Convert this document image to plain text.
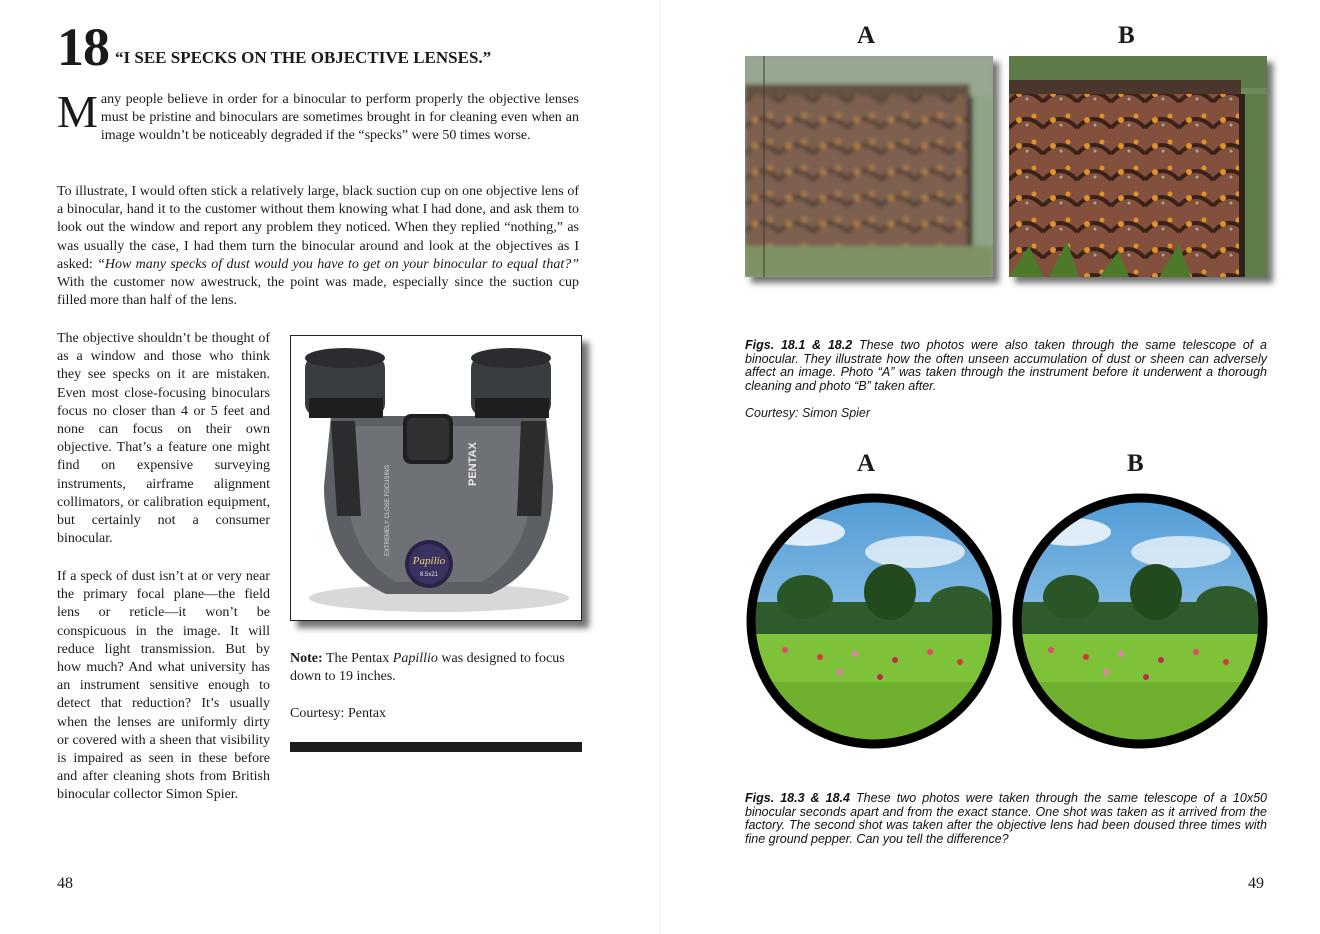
18 “I SEE SPECKS ON THE OBJECTIVE LENSES.”

Many people believe in order for a binocular to perform properly the objective lenses must be pristine and binoculars are sometimes brought in for cleaning even when an image wouldn’t be noticeably degraded if the “specks” were 50 times worse.

To illustrate, I would often stick a relatively large, black suction cup on one objective lens of a binocular, hand it to the customer without them knowing what I had done, and ask them to look out the window and report any problem they noticed. When they replied “nothing,” as was usually the case, I had them turn the binocular around and look at the objectives as I asked: “How many specks of dust would you have to get on your binocular to equal that?” With the customer now awestruck, the point was made, especially since the suction cup filled more than half of the lens.

The objective shouldn’t be thought of as a window and those who think they see specks on it are mistaken. Even most close-focusing binoculars focus no closer than 4 or 5 feet and none can focus on their own objective. That’s a feature one might find on expensive surveying instruments, airframe alignment collimators, or calibration equipment, but certainly not a consumer binocular.

If a speck of dust isn’t at or very near the primary focal plane—the field lens or reticle—it won’t be conspicuous in the image. It will reduce light transmission. But by how much? And what university has an instrument sensitive enough to detect that reduction? It’s usually when the lenses are uniformly dirty or covered with a sheen that visibility is impaired as seen in these before and after cleaning shots from British binocular collector Simon Spier.

PENTAX
EXTREMELY CLOSE FOCUSING
Papilio
8.5x21

Note: The Pentax Papillio was designed to focus down to 19 inches.

Courtesy: Pentax

48
A	B

Figs. 18.1 & 18.2 These two photos were also taken through the same telescope of a binocular. They illustrate how the often unseen accumulation of dust or sheen can adversely affect an image. Photo “A” was taken through the instrument before it underwent a thorough cleaning and photo “B” taken after.

Courtesy: Simon Spier

A	B

Figs. 18.3 & 18.4 These two photos were taken through the same telescope of a 10x50 binocular seconds apart and from the exact stance. One shot was taken as it arrived from the factory. The second shot was taken after the objective lens had been doused three times with fine ground pepper. Can you tell the difference?

49
